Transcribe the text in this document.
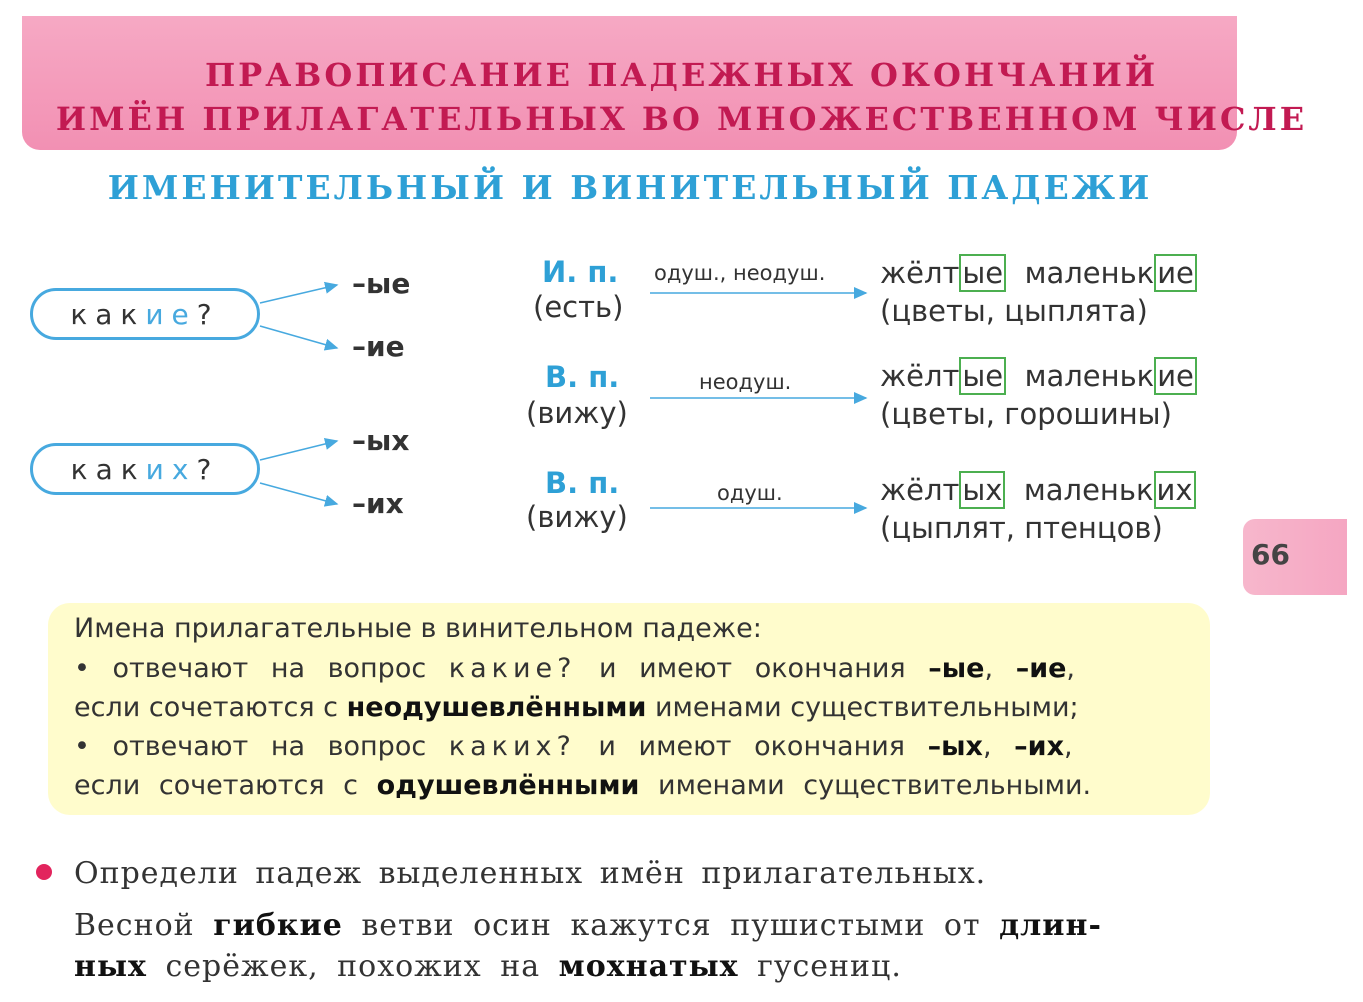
ПРАВОПИСАНИЕ ПАДЕЖНЫХ ОКОНЧАНИЙ
ИМЁН ПРИЛАГАТЕЛЬНЫХ ВО МНОЖЕСТВЕННОМ ЧИСЛЕ
ИМЕНИТЕЛЬНЫЙ И ВИНИТЕЛЬНЫЙ ПАДЕЖИ
как ие ?
как их ?
–ые
–ие
–ых
–их
И. п.
(есть)
одуш., неодуш. жёлт ые маленьк ие
(цветы, цыплята)
В. п.
(вижу)
неодуш.	жёлт ые маленьк ие
(цветы, горошины)
В. п.
(вижу)
одуш.	жёлт ых маленьк их
(цыплят, птенцов)
66
Имена прилагательные в винительном падеже:
• отвечают на вопрос какие? и имеют окончания –ые, –ие,
если сочетаются с неодушевлёнными именами существительными;
• отвечают на вопрос каких? и имеют окончания –ых, –их,
если сочетаются с одушевлёнными именами существительными.
Определи падеж выделенных имён прилагательных.
Весной гибкие ветви осин кажутся пушистыми от длин-
ных серёжек, похожих на мохнатых гусениц.
